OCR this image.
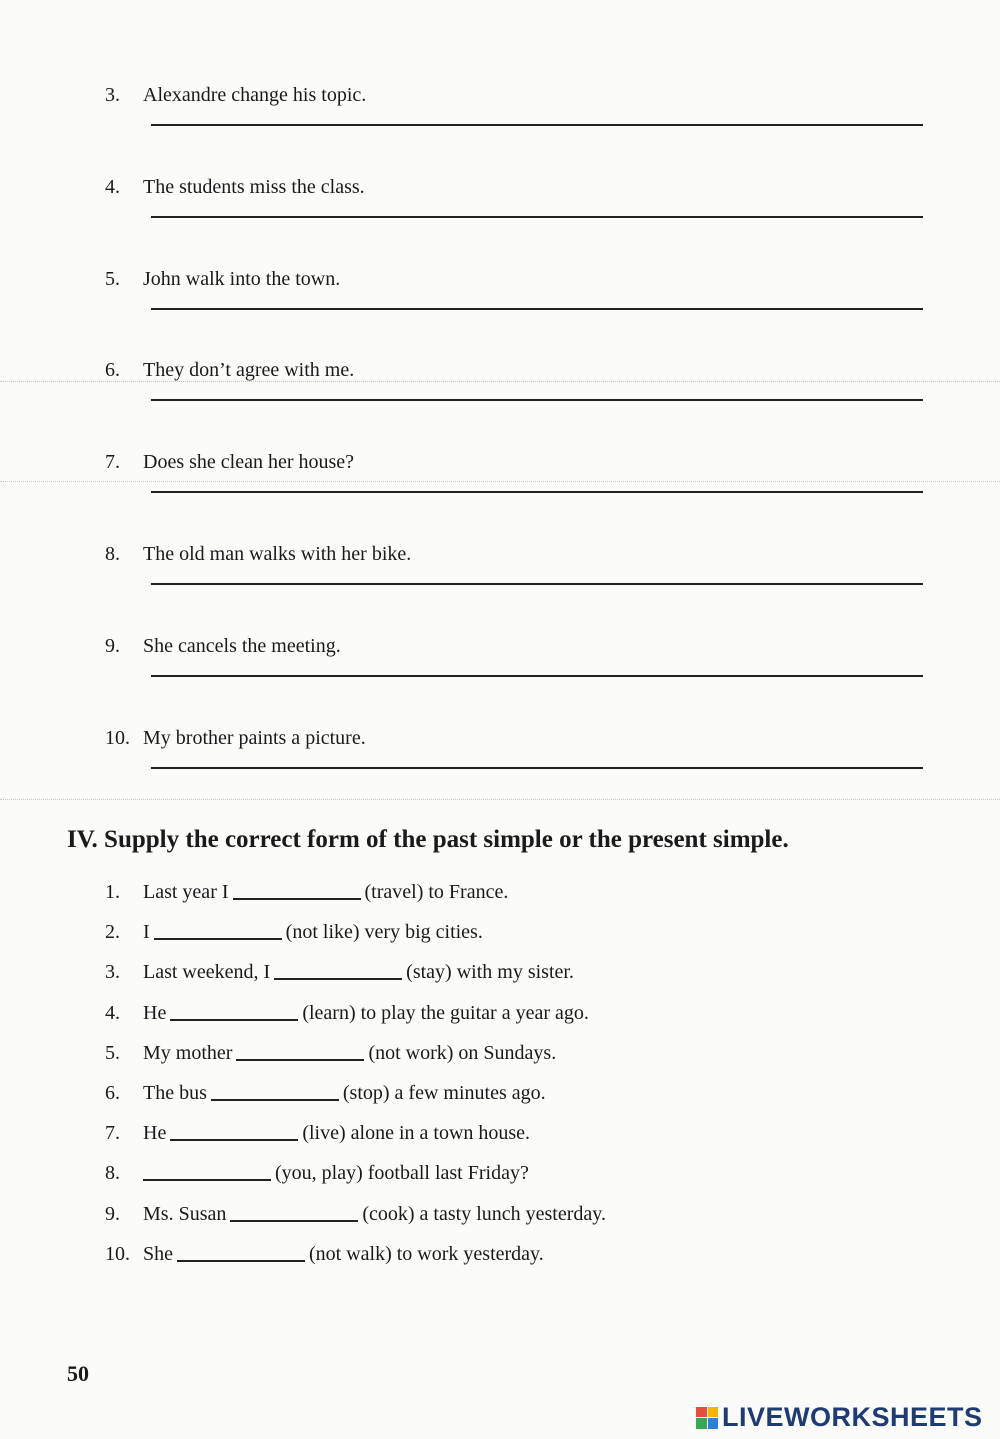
3. Alexandre change his topic.
4. The students miss the class.
5. John walk into the town.
6. They don’t agree with me.
7. Does she clean her house?
8. The old man walks with her bike.
9. She cancels the meeting.
10. My brother paints a picture.
IV. Supply the correct form of the past simple or the present simple.
1. Last year I	(travel) to France.
2. I	(not like) very big cities.
3. Last weekend, I	(stay) with my sister.
4. He	(learn) to play the guitar a year ago.
5. My mother	(not work) on Sundays.
6. The bus	(stop) a few minutes ago.
7. He	(live) alone in a town house.
8.	(you, play) football last Friday?
9. Ms. Susan	(cook) a tasty lunch yesterday.
10. She	(not walk) to work yesterday.
50
LIVEWORKSHEETS
